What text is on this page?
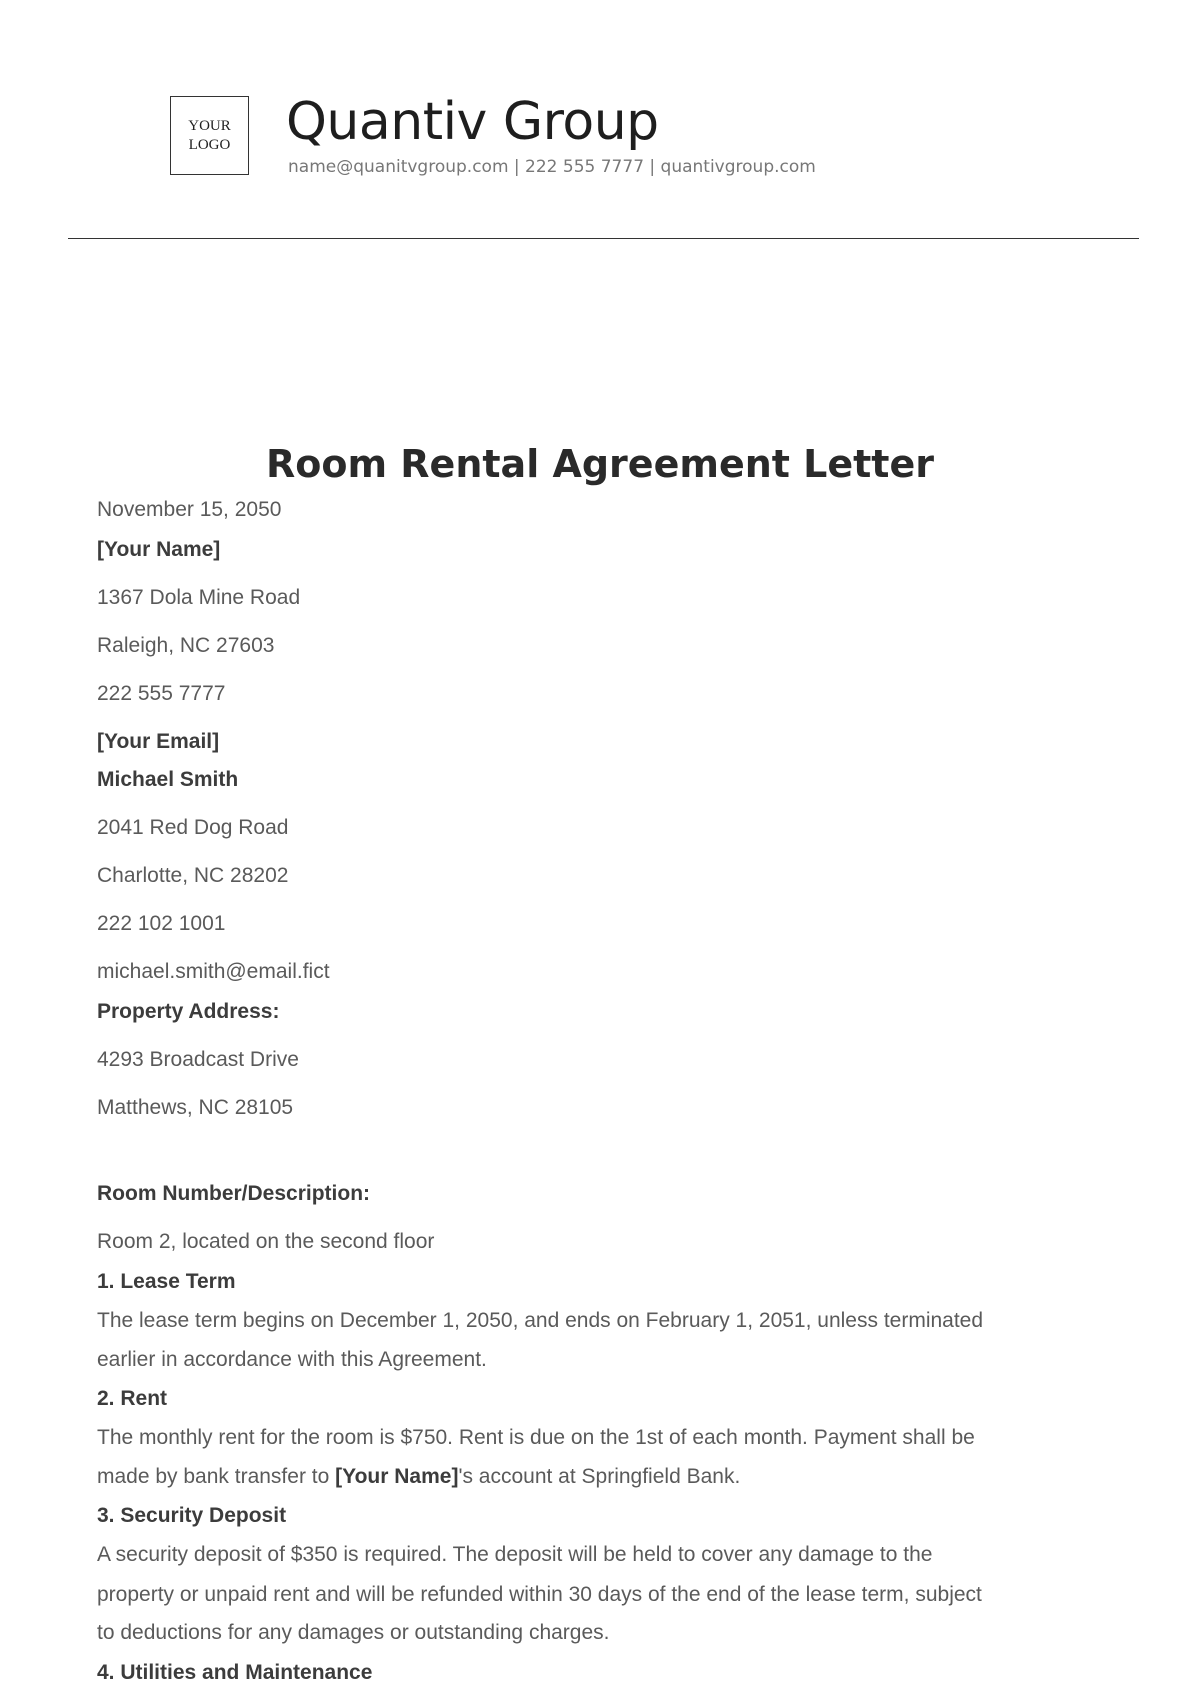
YOUR
LOGO Quantiv Group
name@quanitvgroup.com | 222 555 7777 | quantivgroup.com
Room Rental Agreement Letter
November 15, 2050
[Your Name]
1367 Dola Mine Road
Raleigh, NC 27603
222 555 7777
[Your Email]
Michael Smith
2041 Red Dog Road
Charlotte, NC 28202
222 102 1001
michael.smith@email.fict
Property Address:
4293 Broadcast Drive
Matthews, NC 28105
Room Number/Description:
Room 2, located on the second floor
1. Lease Term
The lease term begins on December 1, 2050, and ends on February 1, 2051, unless terminated
earlier in accordance with this Agreement.
2. Rent
The monthly rent for the room is $750. Rent is due on the 1st of each month. Payment shall be
made by bank transfer to [Your Name]'s account at Springfield Bank.
3. Security Deposit
A security deposit of $350 is required. The deposit will be held to cover any damage to the
property or unpaid rent and will be refunded within 30 days of the end of the lease term, subject
to deductions for any damages or outstanding charges.
4. Utilities and Maintenance
